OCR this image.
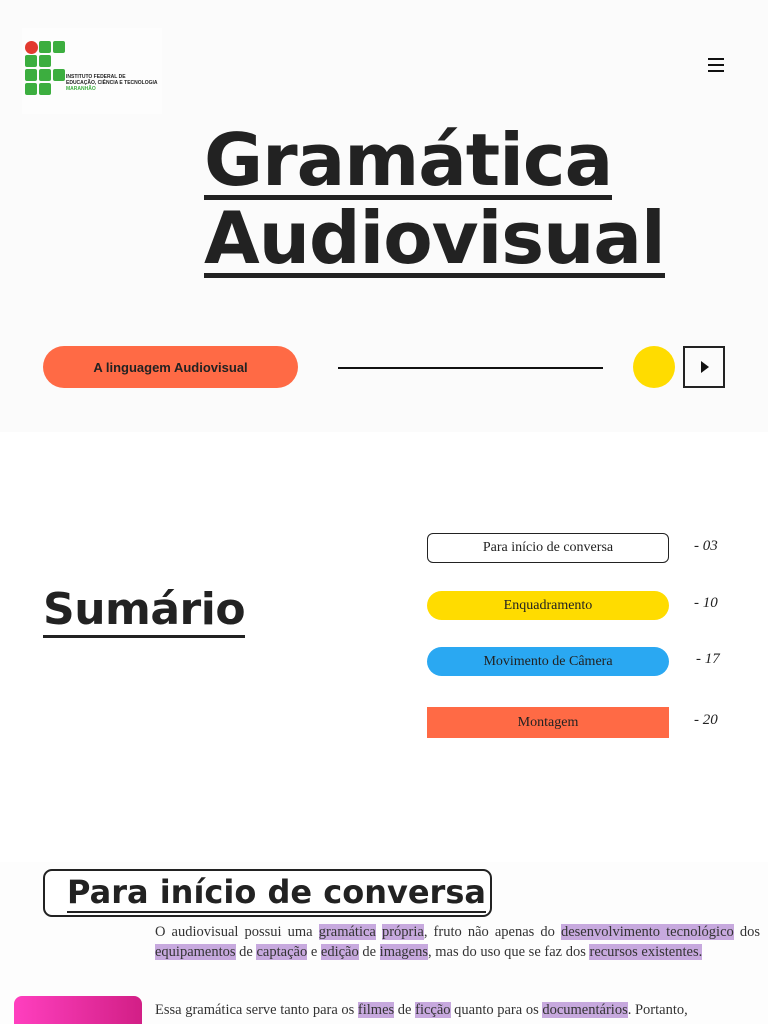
INSTITUTO FEDERAL DE
EDUCAÇÃO, CIÊNCIA E TECNOLOGIA
MARANHÃO
Gramática
Audiovisual
A linguagem Audiovisual
Sumário
Para início de conversa	- 03
Enquadramento	- 10
Movimento de Câmera	- 17
Montagem	- 20
Para início de conversa

O audiovisual possui uma gramática própria, fruto não apenas do desenvolvimento tecnológico dos equipamentos de captação e edição de imagens, mas do uso que se faz dos recursos existentes.

Essa gramática serve tanto para os filmes de ficção quanto para os documentários. Portanto,
